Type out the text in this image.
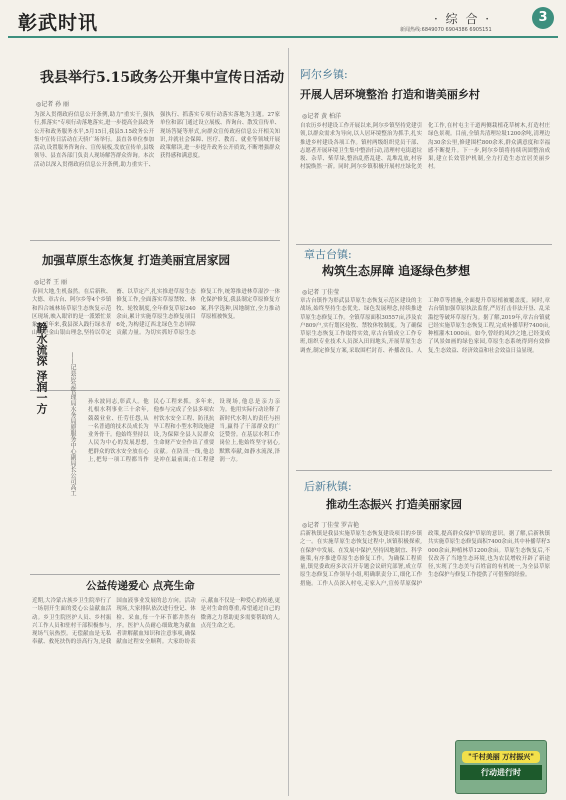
彰武时讯	· 综 合 ·	3
新闻热线:6849070 6904386 6905151
我县举行5.15政务公开集中宣传日活动
◎记者 孙 丽
为深入贯彻政府信息公开条例,助力"重实干,强执行,抓落实"专项行动落地落实,进一步提高全县政务公开和政务服务水平,5月15日,我县5.15政务公开集中宣传日活动在天骄广场举行。县直各单位参加活动,设置服务咨询台、宣传展板,发放宣传单,县级领导、县直各部门负责人现场解答群众咨询。本次活动以深入贯彻政府信息公开条例,助力重实干、强执行、抓落实专项行动落实落地为主题。27家单位和部门通过设立展板、咨询台、散发宣传单、现场答疑等形式,向群众宣传政府信息公开相关知识,并就社会保障、医疗、教育、就业等领域开展政策解读,进一步提升政务公开质效,不断增强群众获得感和满意度。
加强草原生态恢复 打造美丽宜居家园
◎记者 王 丽
春回大地,生机盎然。在后新秋、大德、章古台、阿尔乡等4个乡镇和四合城林场草原生态恢复示范区现场,映入眼帘的是一派繁忙景象。近年来,我县深入践行绿水青山就是金山银山理念,坚持以草定畜、以草定产,扎实推进草原生态修复工作,全面落实草原禁牧、休牧、轮牧制度,全年修复草原240余亩,累计实施草原生态修复项目6处,为构建辽西北绿色生态屏障贡献力量。为切实抓好草原生态修复工作,统筹推进林草湿沙一体化保护修复,我县制定草原修复方案,科学选种,因地制宜,全力推动草原植被恢复。
静水流深 泽润一方	——记县应急管理局水务局原服务中心副局长公司高工 孙永波同志,彰武人。他扎根水利事业三十余年,兢兢业业、任劳任怨,从一名普通的技术员成长为业务骨干。他始终坚持以人民为中心的发展思想,把群众的饮水安全放在心上,把每一项工程都当作民心工程来抓。多年来,他参与完成了全县多项农村饮水安全工程、防汛抗旱工程和小型水利设施建设,为保障全县人民群众生命财产安全作出了重要贡献。在防汛一线,他总是冲在最前面;在工程建设现场,他总是亲力亲为。他用实际行动诠释了新时代水利人的责任与担当,赢得了干部群众的广泛赞誉。在基层水利工作岗位上,他始终坚守初心,默默奉献,如静水流深,泽润一方。
公益传递爱心 点亮生命
近期,大冷蒙古族乡卫生院举行了一场别开生面的爱心公益献血活动。乡卫生院医护人员、乡村振兴工作人员和驻村干部积极参与,现场气氛热烈。无偿献血是无私奉献、救死扶伤的崇高行为,是我国血液事业发展的总方向。活动现场,大家排队依次进行登记、体检、采血,每一个环节都井然有序。医护人员耐心细致地为献血者讲解献血知识和注意事项,确保献血过程安全顺利。大家纷纷表示,献血不仅是一种爱心的传递,更是对生命的尊重,希望通过自己的微薄之力帮助更多需要帮助的人,点亮生命之光。
阿尔乡镇:
开展人居环境整治 打造和谐美丽乡村
◎记者 黄 柏洋
自农历乡村建设工作开展以来,阿尔乡镇坚持党建引领,以群众需求为导向,以人居环境整治为抓手,扎实推进乡村建设各项工作。镇村两级组织党员干部、志愿者开展环境卫生集中整治行动,清理村屯街道垃圾、杂草、柴草垛,整治乱搭乱建、乱堆乱放,村容村貌焕然一新。同时,阿尔乡镇积极开展村庄绿化美化工作,在村屯主干道两侧栽植花草树木,打造村庄绿色景观。目前,全镇共清理垃圾1200余吨,清理边沟30余公里,修建围栏800余米,群众满意度和幸福感不断提升。下一步,阿尔乡镇将持续巩固整治成果,建立长效管护机制,全力打造生态宜居美丽乡村。
章古台镇:
构筑生态屏障 追逐绿色梦想
◎记者 丁佳莹
章古台镇作为彰武县草原生态恢复示范区建设的主战场,始终坚持生态优先、绿色发展理念,持续推进草原生态修复工作。全镇草原面积30557亩,涉及农户809户,实行划区轮牧、禁牧休牧制度。为了确保草原生态恢复工作取得实效,章古台镇成立工作专班,组织专业技术人员深入田间地头,开展草原生态调查,制定修复方案,采取围栏封育、补播改良、人工种草等措施,全面提升草原植被覆盖度。同时,章古台镇加强草原执法监督,严厉打击非法开垦、乱采滥挖等破坏草原行为。据了解,2019年,章古台镇就已经实施草原生态恢复工程,完成补播草籽7400亩,种植灌木1000亩。如今,曾经的风沙之地,已经变成了风景如画的绿色家园,草原生态系统得到有效修复,生态效益、经济效益和社会效益日益显现。
后新秋镇:
推动生态振兴 打造美丽家园
◎记者 丁佳莹 罗吉艳
后新秋镇是我县实施草原生态恢复建设项目的乡镇之一。在实施草原生态恢复过程中,该镇积极探索,在保护中发展、在发展中保护,坚持因地制宜、科学施策,有序推进草原生态修复工作。为确保工程质量,镇党委政府多次召开专题会议研究部署,成立草原生态修复工作领导小组,明确职责分工,细化工作措施。工作人员深入村屯,走家入户,宣传草原保护政策,提高群众保护草原的意识。据了解,后新秋镇共实施草原生态修复面积7400余亩,其中补播草籽3000余亩,种植林草1200余亩。草原生态恢复后,不仅改善了当地生态环境,也为农民增收开辟了新途径,实现了生态美与百姓富的有机统一,为全县草原生态保护与修复工作提供了可借鉴的经验。
"千村美丽 万村振兴"
行动进行时
